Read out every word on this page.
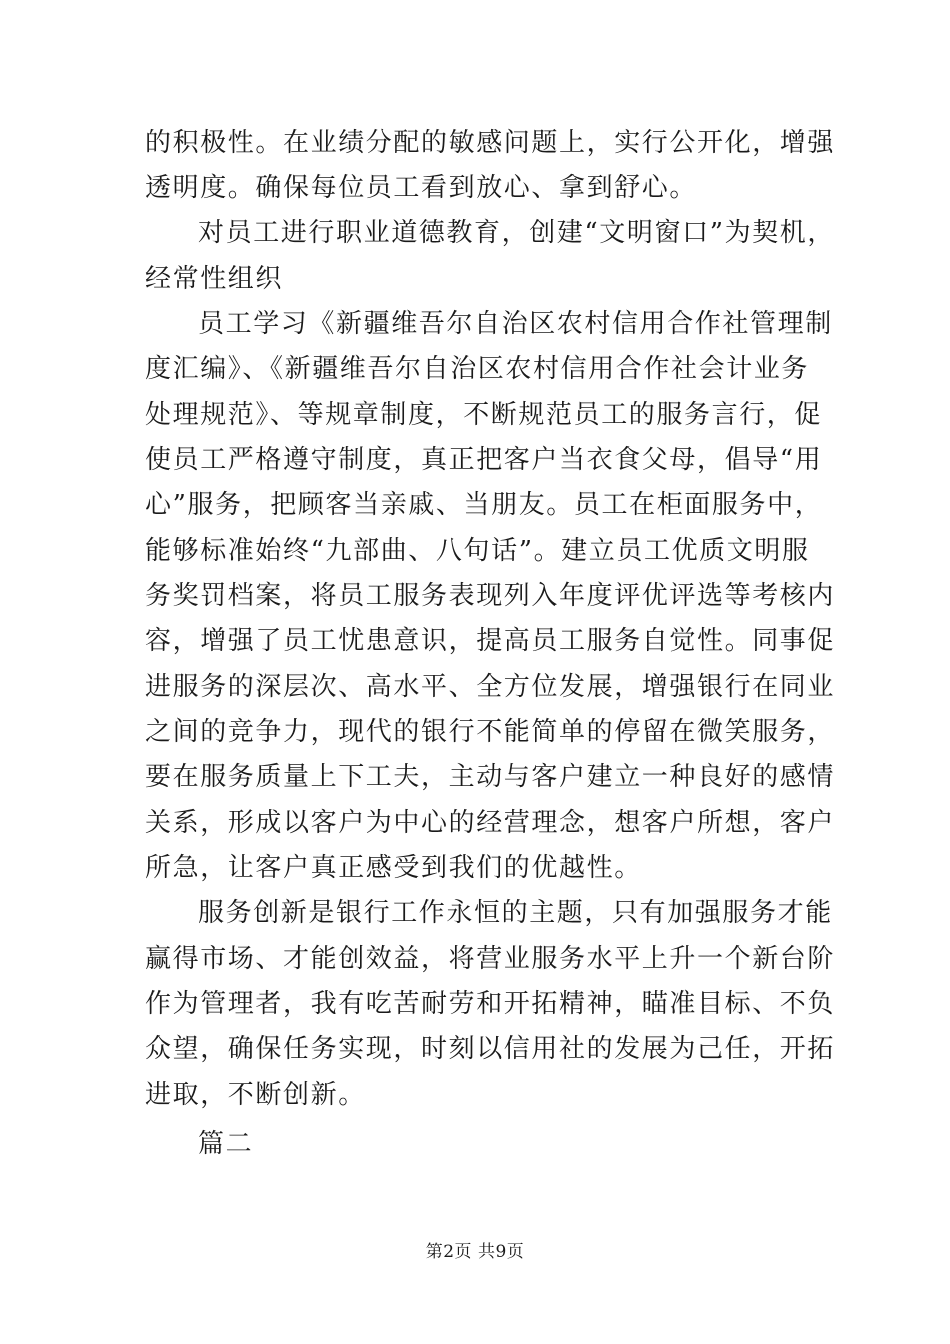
的积极性。在业绩分配的敏感问题上，实行公开化，增强
透明度。确保每位员工看到放心、拿到舒心。
对员工进行职业道德教育，创建“文明窗口”为契机，
经常性组织
员工学习《新疆维吾尔自治区农村信用合作社管理制
度汇编》、《新疆维吾尔自治区农村信用合作社会计业务
处理规范》、等规章制度，不断规范员工的服务言行，促
使员工严格遵守制度，真正把客户当衣食父母，倡导“用
心”服务，把顾客当亲戚、当朋友。员工在柜面服务中，
能够标准始终“九部曲、八句话”。建立员工优质文明服
务奖罚档案，将员工服务表现列入年度评优评选等考核内
容，增强了员工忧患意识，提高员工服务自觉性。同事促
进服务的深层次、高水平、全方位发展，增强银行在同业
之间的竞争力，现代的银行不能简单的停留在微笑服务，
要在服务质量上下工夫，主动与客户建立一种良好的感情
关系，形成以客户为中心的经营理念，想客户所想，客户
所急，让客户真正感受到我们的优越性。
服务创新是银行工作永恒的主题，只有加强服务才能
赢得市场、才能创效益，将营业服务水平上升一个新台阶
作为管理者，我有吃苦耐劳和开拓精神，瞄准目标、不负
众望，确保任务实现，时刻以信用社的发展为己任，开拓
进取，不断创新。
篇二
第2页 共9页
